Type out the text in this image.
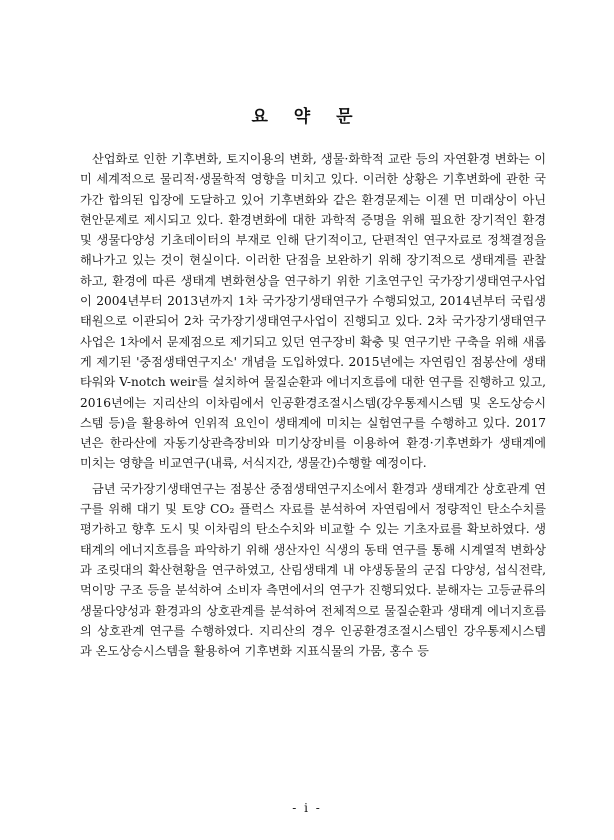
요 약 문

산업화로 인한 기후변화, 토지이용의 변화, 생물·화학적 교란 등의 자연환경 변화는 이미 세계적으로 물리적·생물학적 영향을 미치고 있다. 이러한 상황은 기후변화에 관한 국가간 합의된 입장에 도달하고 있어 기후변화와 같은 환경문제는 이젠 먼 미래상이 아닌 현안문제로 제시되고 있다. 환경변화에 대한 과학적 증명을 위해 필요한 장기적인 환경 및 생물다양성 기초데이터의 부재로 인해 단기적이고, 단편적인 연구자료로 정책결정을 해나가고 있는 것이 현실이다. 이러한 단점을 보완하기 위해 장기적으로 생태계를 관찰하고, 환경에 따른 생태계 변화현상을 연구하기 위한 기초연구인 국가장기생태연구사업이 2004년부터 2013년까지 1차 국가장기생태연구가 수행되었고, 2014년부터 국립생태원으로 이관되어 2차 국가장기생태연구사업이 진행되고 있다. 2차 국가장기생태연구사업은 1차에서 문제점으로 제기되고 있던 연구장비 확충 및 연구기반 구축을 위해 새롭게 제기된 '중점생태연구지소' 개념을 도입하였다. 2015년에는 자연림인 점봉산에 생태타워와 V-notch weir를 설치하여 물질순환과 에너지흐름에 대한 연구를 진행하고 있고, 2016년에는 지리산의 이차림에서 인공환경조절시스템(강우통제시스템 및 온도상승시스템 등)을 활용하여 인위적 요인이 생태계에 미치는 실험연구를 수행하고 있다. 2017년은 한라산에 자동기상관측장비와 미기상장비를 이용하여 환경·기후변화가 생태계에 미치는 영향을 비교연구(내륙, 서식지간, 생물간)수행할 예정이다.

금년 국가장기생태연구는 점봉산 중점생태연구지소에서 환경과 생태계간 상호관계 연구를 위해 대기 및 토양 CO₂ 플럭스 자료를 분석하여 자연림에서 정량적인 탄소수치를 평가하고 향후 도시 및 이차림의 탄소수치와 비교할 수 있는 기초자료를 확보하였다. 생태계의 에너지흐름을 파악하기 위해 생산자인 식생의 동태 연구를 통해 시계열적 변화상과 조릿대의 확산현황을 연구하였고, 산림생태계 내 야생동물의 군집 다양성, 섭식전략, 먹이망 구조 등을 분석하여 소비자 측면에서의 연구가 진행되었다. 분해자는 고등균류의 생물다양성과 환경과의 상호관계를 분석하여 전체적으로 물질순환과 생태계 에너지흐름의 상호관계 연구를 수행하였다. 지리산의 경우 인공환경조절시스템인 강우통제시스템과 온도상승시스템을 활용하여 기후변화 지표식물의 가뭄, 홍수 등

- i -
